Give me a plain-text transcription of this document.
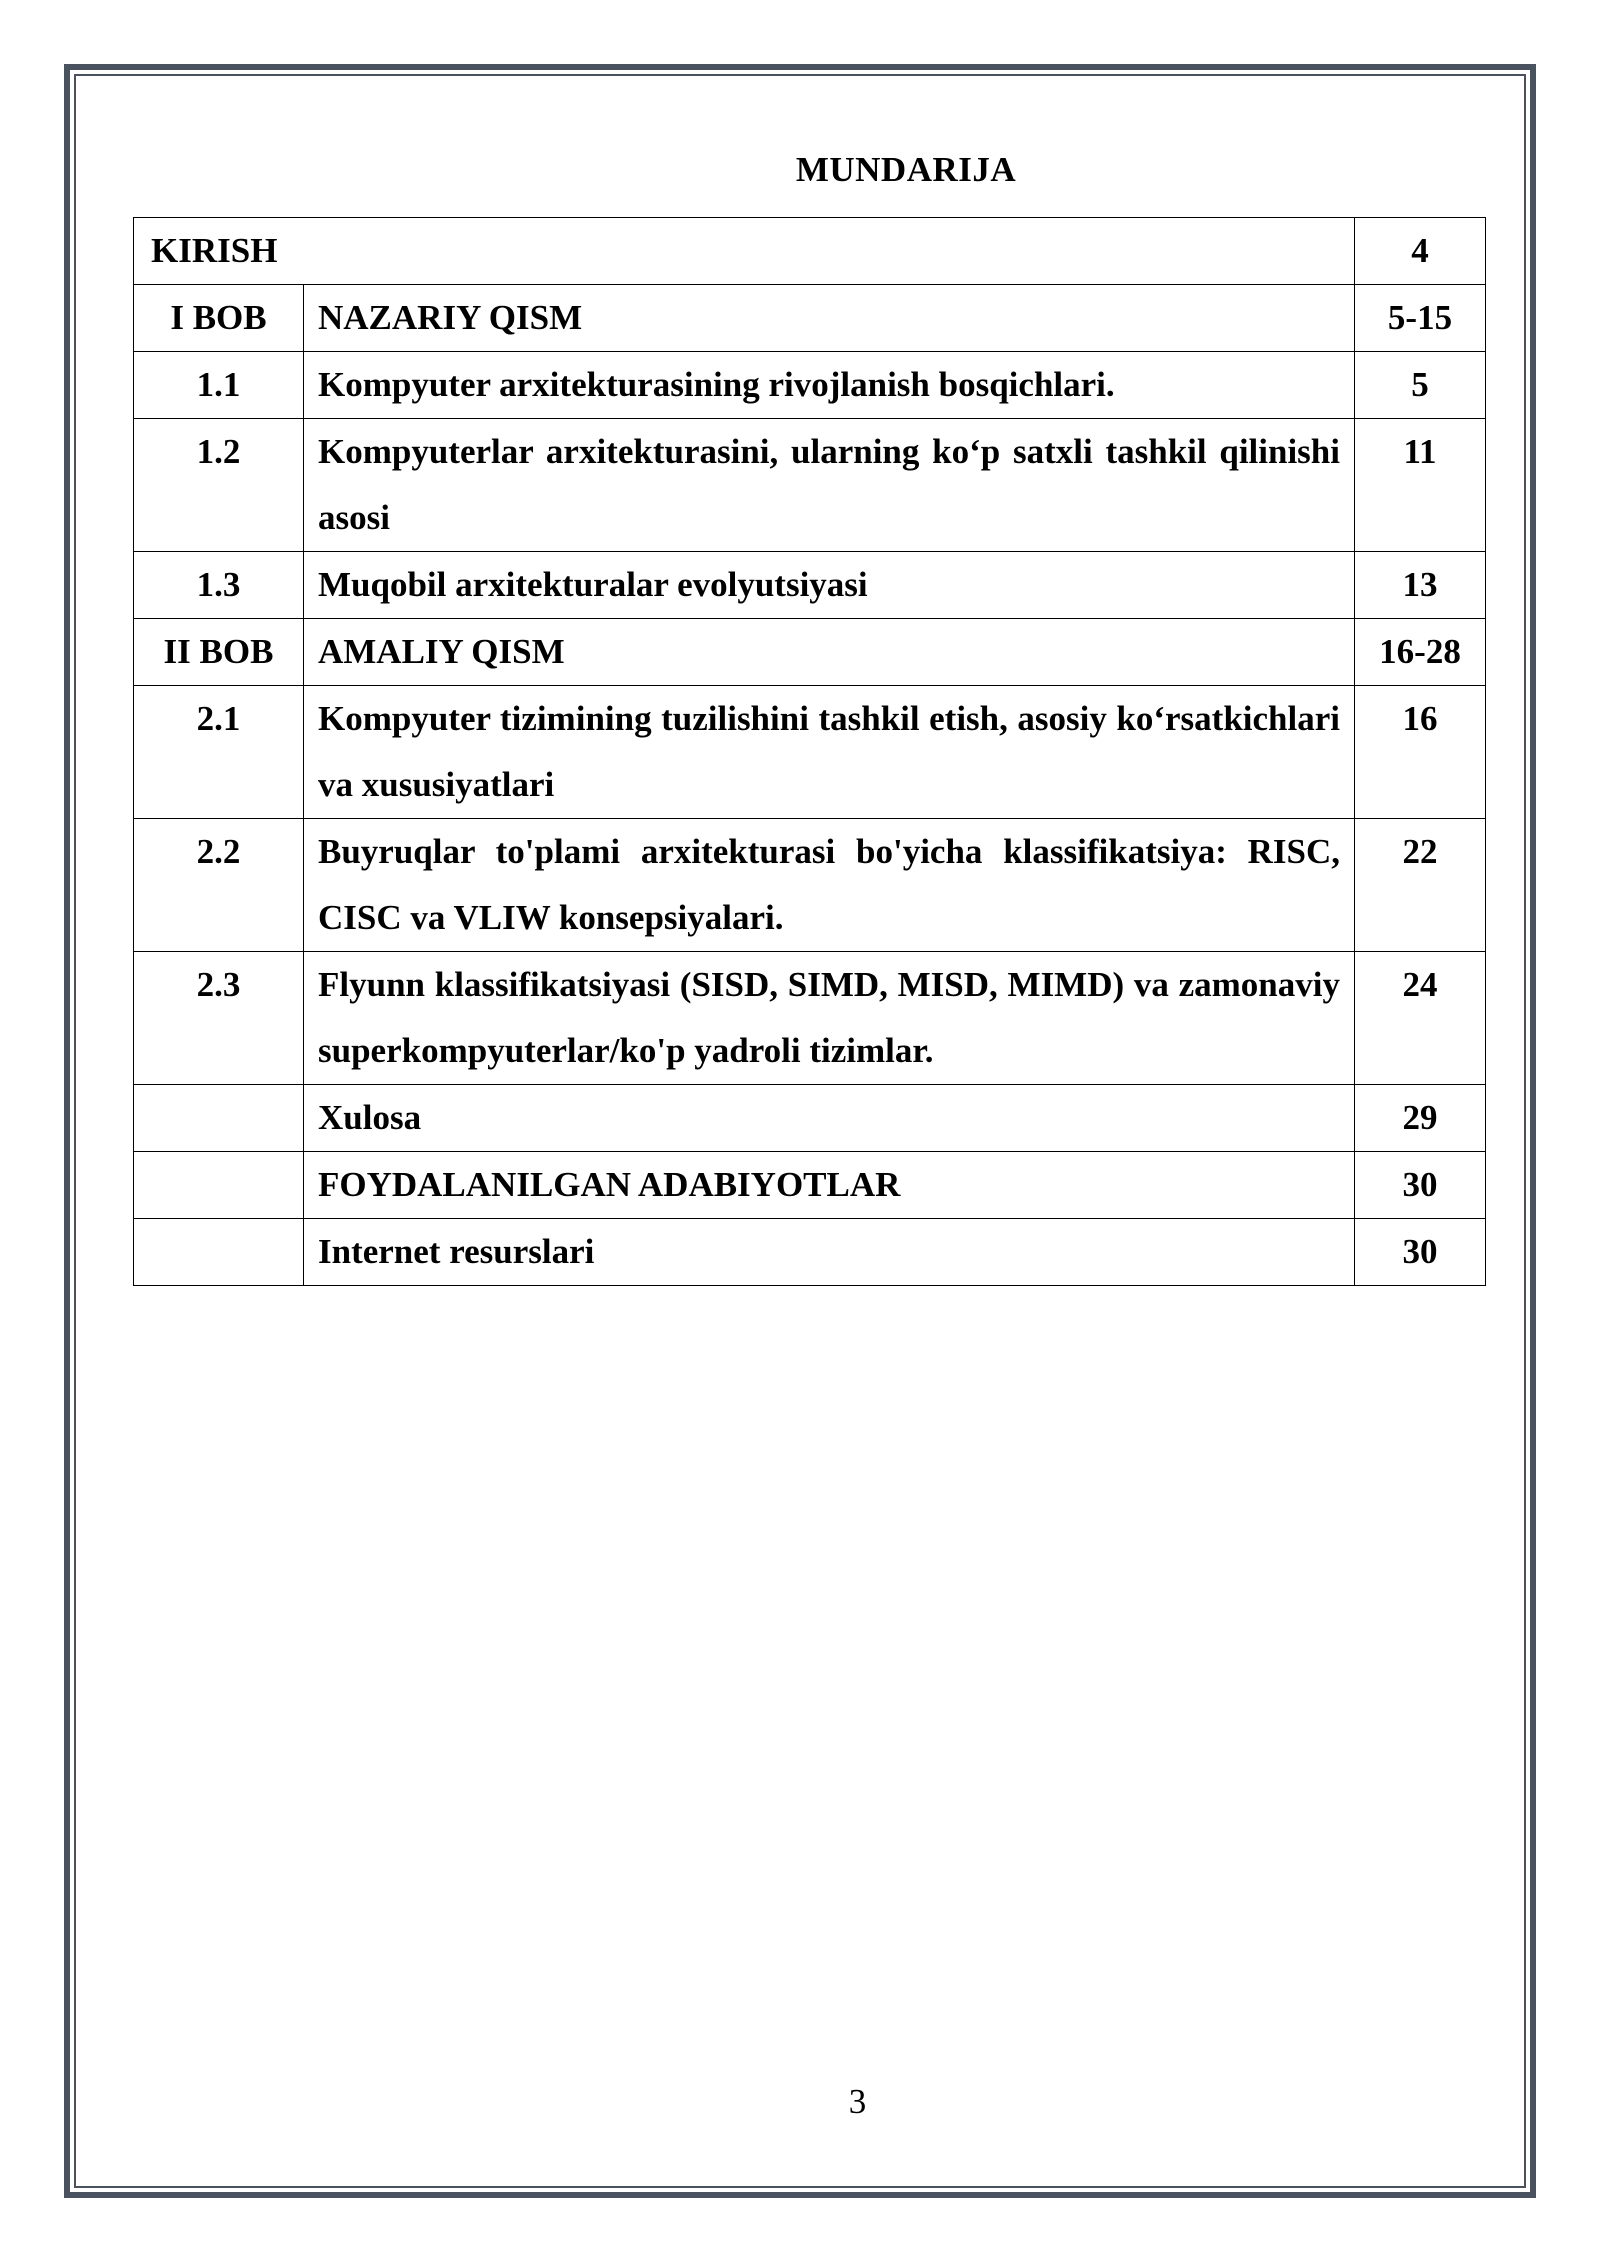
MUNDARIJA
KIRISH		4
I BOB	NAZARIY QISM	5-15
1.1	Kompyuter arxitekturasining rivojlanish bosqichlari.	5
1.2	Kompyuterlar arxitekturasini, ularning ko‘p satxli tashkil qilinishi asosi	11
1.3	Muqobil arxitekturalar evolyutsiyasi	13
II BOB	AMALIY QISM	16-28
2.1	Kompyuter tizimining tuzilishini tashkil etish, asosiy ko‘rsatkichlari va xususiyatlari	16
2.2	Buyruqlar to'plami arxitekturasi bo'yicha klassifikatsiya: RISC, CISC va VLIW konsepsiyalari.	22
2.3	Flyunn klassifikatsiyasi (SISD, SIMD, MISD, MIMD) va zamonaviy superkompyuterlar/ko'p yadroli tizimlar.	24
	Xulosa	29
	FOYDALANILGAN ADABIYOTLAR	30
	Internet resurslari	30
3
